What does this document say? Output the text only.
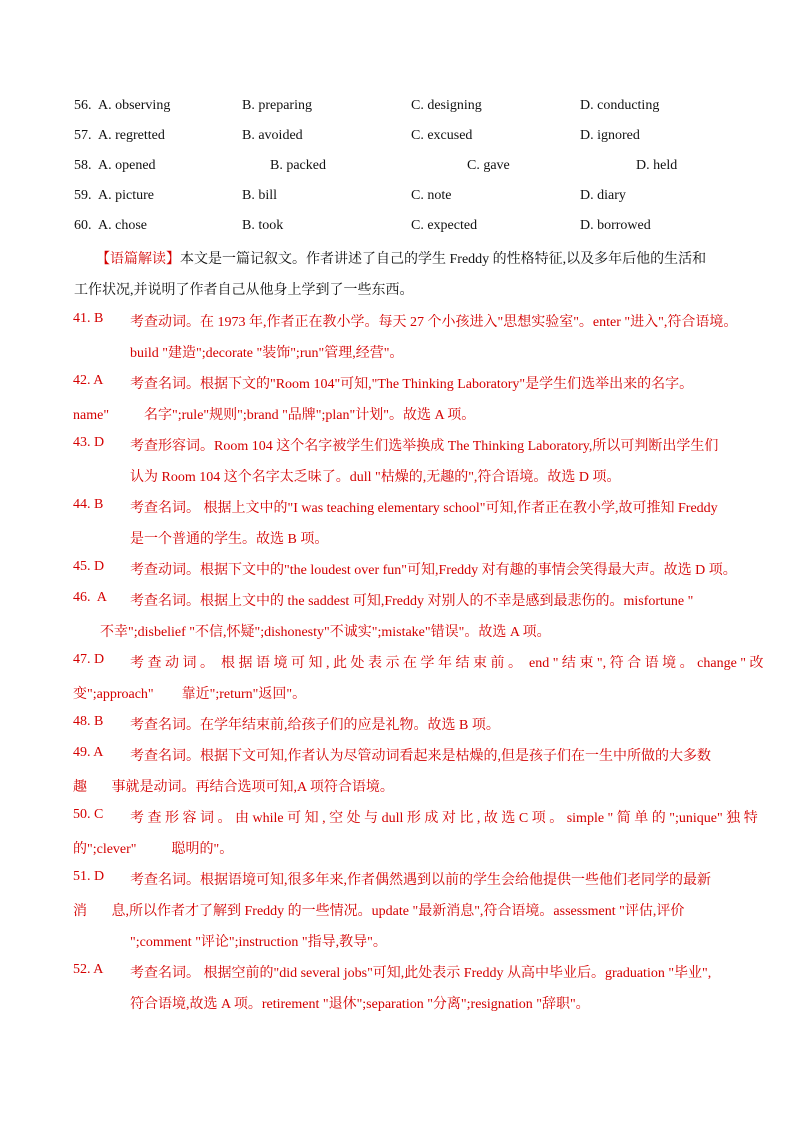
56. A. observing	B. preparing	C. designing	D. conducting
57. A. regretted	B. avoided	C. excused	D. ignored
58. A. opened	B. packed	C. gave	D. held
59. A. picture	B. bill	C. note	D. diary
60. A. chose	B. took	C. expected	D. borrowed
【语篇解读】本文是一篇记叙文。作者讲述了自己的学生 Freddy 的性格特征,以及多年后他的生活和
工作状况,并说明了作者自己从他身上学到了一些东西。
41. B 考查动词。在 1973 年,作者正在教小学。每天 27 个小孩进入"思想实验室"。enter "进入",符合语境。
build "建造";decorate "装饰";run"管理,经营"。
42. A 考查名词。根据下文的"Room 104"可知,"The Thinking Laboratory"是学生们选举出来的名字。
name"          名字";rule"规则";brand "品牌";plan"计划"。故选 A 项。
43. D 考查形容词。Room 104 这个名字被学生们选举换成 The Thinking Laboratory,所以可判断出学生们
认为 Room 104 这个名字太乏味了。dull "枯燥的,无趣的",符合语境。故选 D 项。
44. B 考查名词。 根据上文中的"I was teaching elementary school"可知,作者正在教小学,故可推知 Freddy
是一个普通的学生。故选 B 项。
45. D 考查动词。根据下文中的"the loudest over fun"可知,Freddy 对有趣的事情会笑得最大声。故选 D 项。
46.  A 考查名词。根据上文中的 the saddest 可知,Freddy 对别人的不幸是感到最悲伤的。misfortune "
不幸";disbelief "不信,怀疑";dishonesty"不诚实";mistake"错误"。故选 A 项。
47. D 考 查 动 词 。  根 据 语 境 可 知 , 此 处 表 示 在 学 年 结 束 前 。  end " 结 束 ", 符 合 语 境 。 change " 改
变";approach"        靠近";return"返回"。
48. B 考查名词。在学年结束前,给孩子们的应是礼物。故选 B 项。
49. A 考查名词。根据下文可知,作者认为尽管动词看起来是枯燥的,但是孩子们在一生中所做的大多数
趣       事就是动词。再结合选项可知,A 项符合语境。
50. C 考 查 形 容 词 。 由 while 可 知 , 空 处 与 dull 形 成 对 比 , 故 选 C 项 。 simple " 简 单 的 ";unique" 独 特
的";clever"          聪明的"。
51. D 考查名词。根据语境可知,很多年来,作者偶然遇到以前的学生会给他提供一些他们老同学的最新
消       息,所以作者才了解到 Freddy 的一些情况。update "最新消息",符合语境。assessment "评估,评价
";comment "评论";instruction "指导,教导"。
52. A 考查名词。 根据空前的"did several jobs"可知,此处表示 Freddy 从高中毕业后。graduation "毕业",
符合语境,故选 A 项。retirement "退休";separation "分离";resignation "辞职"。
